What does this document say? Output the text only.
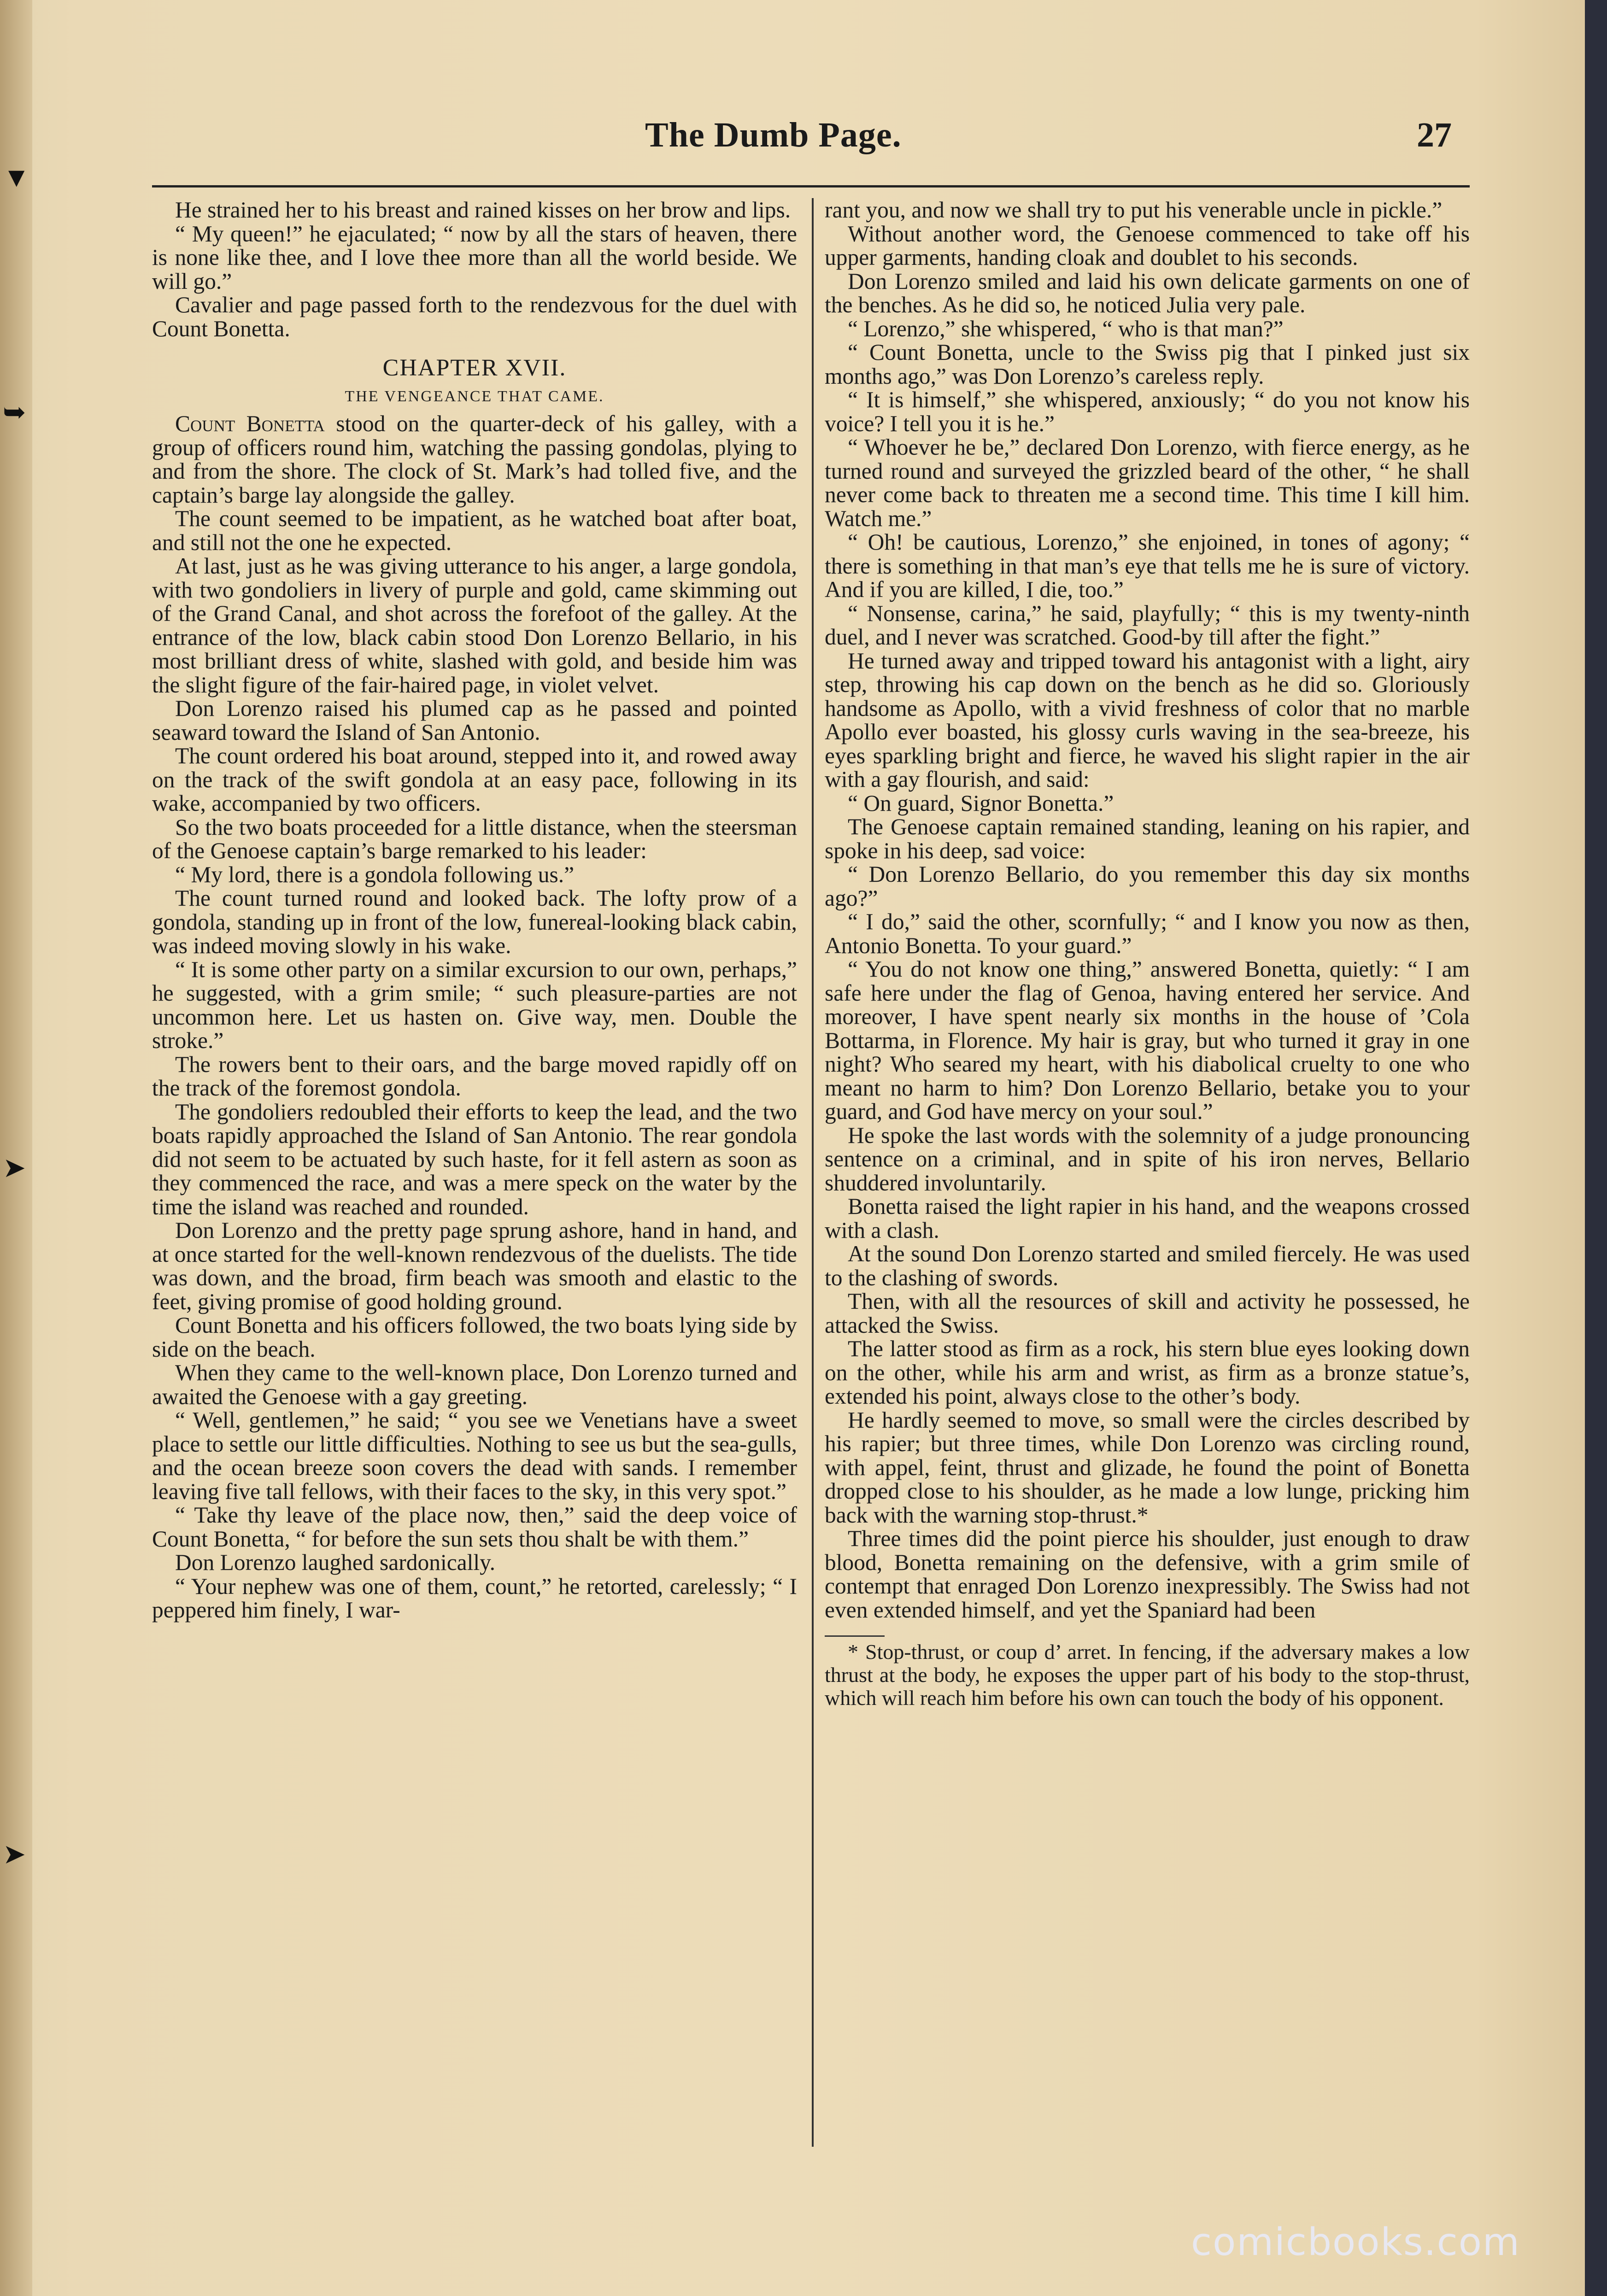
▼
➥
➤
➤
The Dumb Page.	27

He strained her to his breast and rained kisses on her brow and lips.

“ My queen!” he ejaculated; “ now by all the stars of heaven, there is none like thee, and I love thee more than all the world beside. We will go.”

Cavalier and page passed forth to the rendezvous for the duel with Count Bonetta.

CHAPTER XVII.

THE VENGEANCE THAT CAME.

Count Bonetta stood on the quarter-deck of his galley, with a group of officers round him, watching the passing gondolas, plying to and from the shore. The clock of St. Mark’s had tolled five, and the captain’s barge lay alongside the galley.

The count seemed to be impatient, as he watched boat after boat, and still not the one he expected.

At last, just as he was giving utterance to his anger, a large gondola, with two gondoliers in livery of purple and gold, came skimming out of the Grand Canal, and shot across the forefoot of the galley. At the entrance of the low, black cabin stood Don Lorenzo Bellario, in his most brilliant dress of white, slashed with gold, and beside him was the slight figure of the fair-haired page, in violet velvet.

Don Lorenzo raised his plumed cap as he passed and pointed seaward toward the Island of San Antonio.

The count ordered his boat around, stepped into it, and rowed away on the track of the swift gondola at an easy pace, following in its wake, accompanied by two officers.

So the two boats proceeded for a little distance, when the steersman of the Genoese captain’s barge remarked to his leader:

“ My lord, there is a gondola following us.”

The count turned round and looked back. The lofty prow of a gondola, standing up in front of the low, funereal-looking black cabin, was indeed moving slowly in his wake.

“ It is some other party on a similar excursion to our own, perhaps,” he suggested, with a grim smile; “ such pleasure-parties are not uncommon here. Let us hasten on. Give way, men. Double the stroke.”

The rowers bent to their oars, and the barge moved rapidly off on the track of the foremost gondola.

The gondoliers redoubled their efforts to keep the lead, and the two boats rapidly approached the Island of San Antonio. The rear gondola did not seem to be actuated by such haste, for it fell astern as soon as they commenced the race, and was a mere speck on the water by the time the island was reached and rounded.

Don Lorenzo and the pretty page sprung ashore, hand in hand, and at once started for the well-known rendezvous of the duelists. The tide was down, and the broad, firm beach was smooth and elastic to the feet, giving promise of good holding ground.

Count Bonetta and his officers followed, the two boats lying side by side on the beach.

When they came to the well-known place, Don Lorenzo turned and awaited the Genoese with a gay greeting.

“ Well, gentlemen,” he said; “ you see we Venetians have a sweet place to settle our little difficulties. Nothing to see us but the sea-gulls, and the ocean breeze soon covers the dead with sands. I remember leaving five tall fellows, with their faces to the sky, in this very spot.”

“ Take thy leave of the place now, then,” said the deep voice of Count Bonetta, “ for before the sun sets thou shalt be with them.”

Don Lorenzo laughed sardonically.

“ Your nephew was one of them, count,” he retorted, carelessly; “ I peppered him finely, I war-

rant you, and now we shall try to put his venerable uncle in pickle.”

Without another word, the Genoese commenced to take off his upper garments, handing cloak and doublet to his seconds.

Don Lorenzo smiled and laid his own delicate garments on one of the benches. As he did so, he noticed Julia very pale.

“ Lorenzo,” she whispered, “ who is that man?”

“ Count Bonetta, uncle to the Swiss pig that I pinked just six months ago,” was Don Lorenzo’s careless reply.

“ It is himself,” she whispered, anxiously; “ do you not know his voice? I tell you it is he.”

“ Whoever he be,” declared Don Lorenzo, with fierce energy, as he turned round and surveyed the grizzled beard of the other, “ he shall never come back to threaten me a second time. This time I kill him. Watch me.”

“ Oh! be cautious, Lorenzo,” she enjoined, in tones of agony; “ there is something in that man’s eye that tells me he is sure of victory. And if you are killed, I die, too.”

“ Nonsense, carina,” he said, playfully; “ this is my twenty-ninth duel, and I never was scratched. Good-by till after the fight.”

He turned away and tripped toward his antagonist with a light, airy step, throwing his cap down on the bench as he did so. Gloriously handsome as Apollo, with a vivid freshness of color that no marble Apollo ever boasted, his glossy curls waving in the sea-breeze, his eyes sparkling bright and fierce, he waved his slight rapier in the air with a gay flourish, and said:

“ On guard, Signor Bonetta.”

The Genoese captain remained standing, leaning on his rapier, and spoke in his deep, sad voice:

“ Don Lorenzo Bellario, do you remember this day six months ago?”

“ I do,” said the other, scornfully; “ and I know you now as then, Antonio Bonetta. To your guard.”

“ You do not know one thing,” answered Bonetta, quietly: “ I am safe here under the flag of Genoa, having entered her service. And moreover, I have spent nearly six months in the house of ’Cola Bottarma, in Florence. My hair is gray, but who turned it gray in one night? Who seared my heart, with his diabolical cruelty to one who meant no harm to him? Don Lorenzo Bellario, betake you to your guard, and God have mercy on your soul.”

He spoke the last words with the solemnity of a judge pronouncing sentence on a criminal, and in spite of his iron nerves, Bellario shuddered involuntarily.

Bonetta raised the light rapier in his hand, and the weapons crossed with a clash.

At the sound Don Lorenzo started and smiled fiercely. He was used to the clashing of swords.

Then, with all the resources of skill and activity he possessed, he attacked the Swiss.

The latter stood as firm as a rock, his stern blue eyes looking down on the other, while his arm and wrist, as firm as a bronze statue’s, extended his point, always close to the other’s body.

He hardly seemed to move, so small were the circles described by his rapier; but three times, while Don Lorenzo was circling round, with appel, feint, thrust and glizade, he found the point of Bonetta dropped close to his shoulder, as he made a low lunge, pricking him back with the warning stop-thrust.*

Three times did the point pierce his shoulder, just enough to draw blood, Bonetta remaining on the defensive, with a grim smile of contempt that enraged Don Lorenzo inexpressibly. The Swiss had not even extended himself, and yet the Spaniard had been

* Stop-thrust, or coup d’ arret. In fencing, if the adversary makes a low thrust at the body, he exposes the upper part of his body to the stop-thrust, which will reach him before his own can touch the body of his opponent.

comicbooks.com
